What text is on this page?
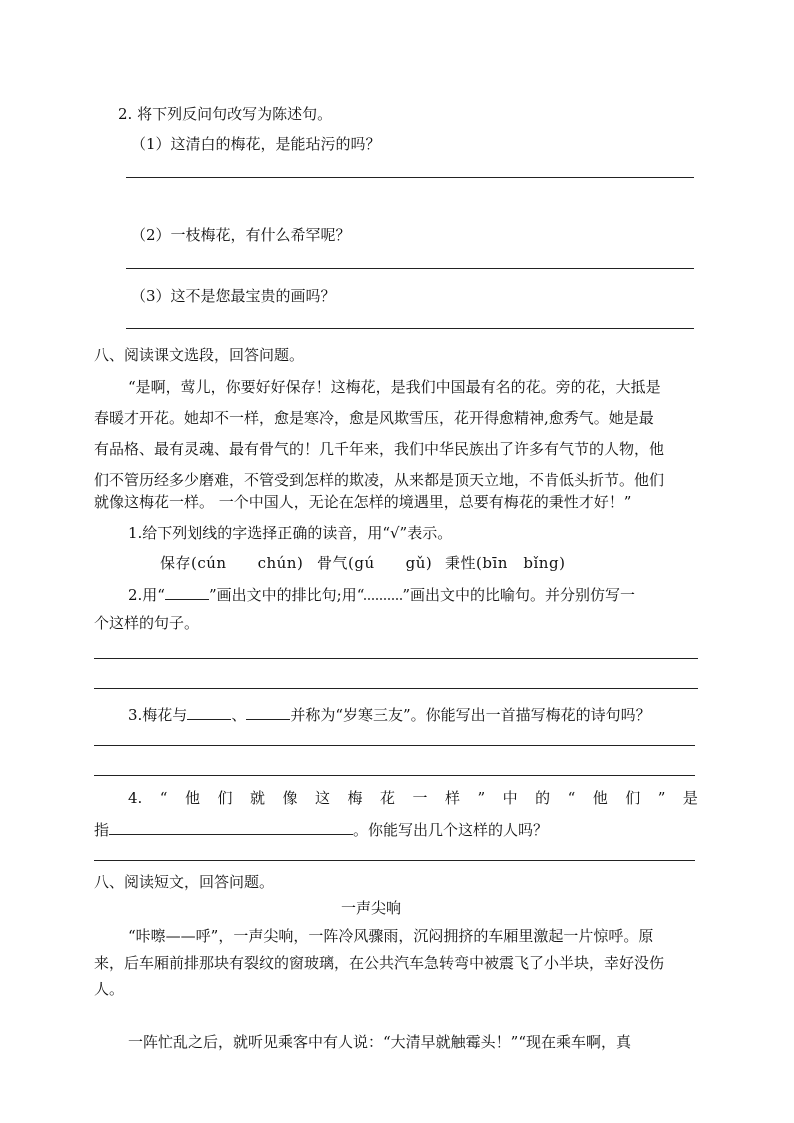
2. 将下列反问句改写为陈述句。
（1）这清白的梅花，是能玷污的吗？
（2）一枝梅花，有什么希罕呢？
（3）这不是您最宝贵的画吗？
八、阅读课文选段，回答问题。
“是啊，莺儿，你要好好保存！这梅花，是我们中国最有名的花。旁的花，大抵是
春暖才开花。她却不一样，愈是寒冷，愈是风欺雪压，花开得愈精神,愈秀气。她是最
有品格、最有灵魂、最有骨气的！几千年来，我们中华民族出了许多有气节的人物，他
们不管历经多少磨难，不管受到怎样的欺凌，从来都是顶天立地，不肯低头折节。他们
就像这梅花一样。 一个中国人，无论在怎样的境遇里，总要有梅花的秉性才好！”
1.给下列划线的字选择正确的读音，用“√”表示。
保存(cún　　chún) 骨气(gú　　gǔ) 秉性(bīn　bǐng)
2.用“	”画出文中的排比句;用“	”画出文中的比喻句。并分别仿写一
个这样的句子。
3.梅花与	、	并称为“岁寒三友”。你能写出一首描写梅花的诗句吗？
4. “ 他 们 就 像 这 梅 花 一 样 ” 中 的 “ 他 们 ” 是
指	。你能写出几个这样的人吗？
八、阅读短文，回答问题。
一声尖响
“咔嚓——呼”，一声尖响，一阵冷风骤雨，沉闷拥挤的车厢里激起一片惊呼。原
来，后车厢前排那块有裂纹的窗玻璃，在公共汽车急转弯中被震飞了小半块，幸好没伤
人。
一阵忙乱之后，就听见乘客中有人说：“大清早就触霉头！”“现在乘车啊，真
